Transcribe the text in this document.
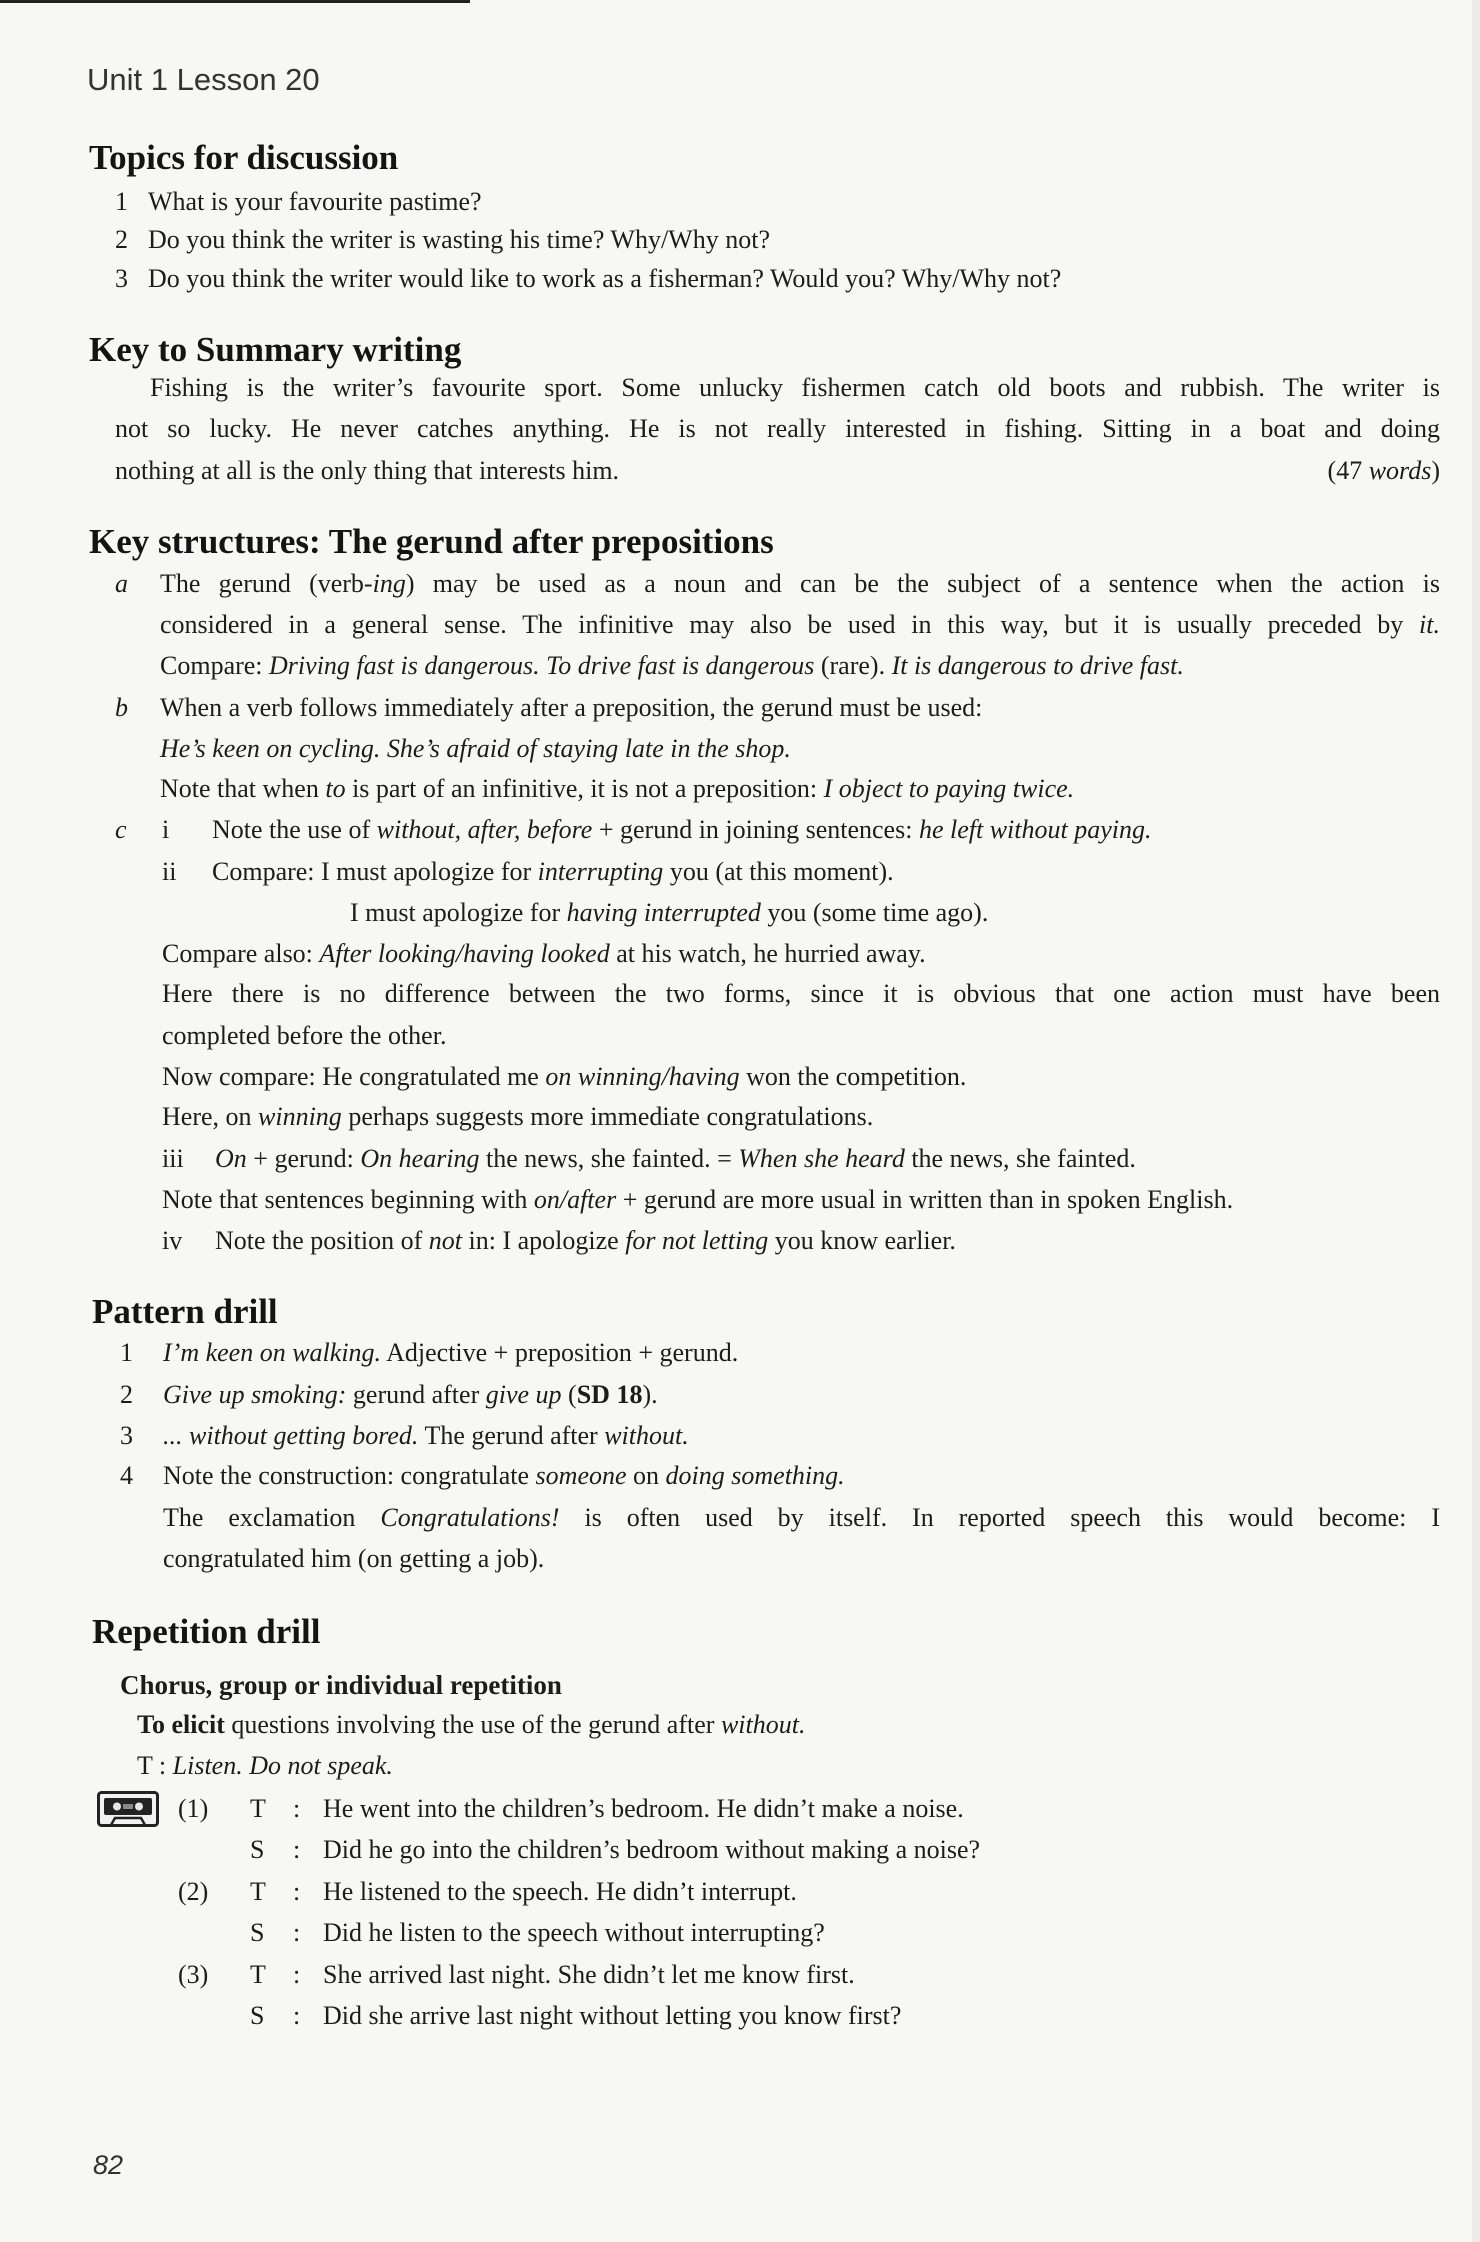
Unit 1 Lesson 20
Topics for discussion
1 What is your favourite pastime?
2 Do you think the writer is wasting his time? Why/Why not?
3 Do you think the writer would like to work as a fisherman? Would you? Why/Why not?
Key to Summary writing
Fishing is the writer’s favourite sport. Some unlucky fishermen catch old boots and rubbish. The writer is
not so lucky. He never catches anything. He is not really interested in fishing. Sitting in a boat and doing
nothing at all is the only thing that interests him.	(47 words)
Key structures: The gerund after prepositions
a The gerund (verb-ing) may be used as a noun and can be the subject of a sentence when the action is
considered in a general sense. The infinitive may also be used in this way, but it is usually preceded by it.
Compare: Driving fast is dangerous. To drive fast is dangerous (rare). It is dangerous to drive fast.
b When a verb follows immediately after a preposition, the gerund must be used:
He’s keen on cycling. She’s afraid of staying late in the shop.
Note that when to is part of an infinitive, it is not a preposition: I object to paying twice.
c i Note the use of without, after, before + gerund in joining sentences: he left without paying.
ii Compare: I must apologize for interrupting you (at this moment).
I must apologize for having interrupted you (some time ago).
Compare also: After looking/having looked at his watch, he hurried away.
Here there is no difference between the two forms, since it is obvious that one action must have been
completed before the other.
Now compare: He congratulated me on winning/having won the competition.
Here, on winning perhaps suggests more immediate congratulations.
iii On + gerund: On hearing the news, she fainted. = When she heard the news, she fainted.
Note that sentences beginning with on/after + gerund are more usual in written than in spoken English.
iv Note the position of not in: I apologize for not letting you know earlier.
Pattern drill
1 I’m keen on walking. Adjective + preposition + gerund.
2 Give up smoking: gerund after give up (SD 18).
3 ... without getting bored. The gerund after without.
4 Note the construction: congratulate someone on doing something.
The exclamation Congratulations! is often used by itself. In reported speech this would become: I
congratulated him (on getting a job).
Repetition drill
Chorus, group or individual repetition
To elicit questions involving the use of the gerund after without.
T : Listen. Do not speak.
(1) T : He went into the children’s bedroom. He didn’t make a noise.
S : Did he go into the children’s bedroom without making a noise?
(2) T : He listened to the speech. He didn’t interrupt.
S : Did he listen to the speech without interrupting?
(3) T : She arrived last night. She didn’t let me know first.
S : Did she arrive last night without letting you know first?
82
